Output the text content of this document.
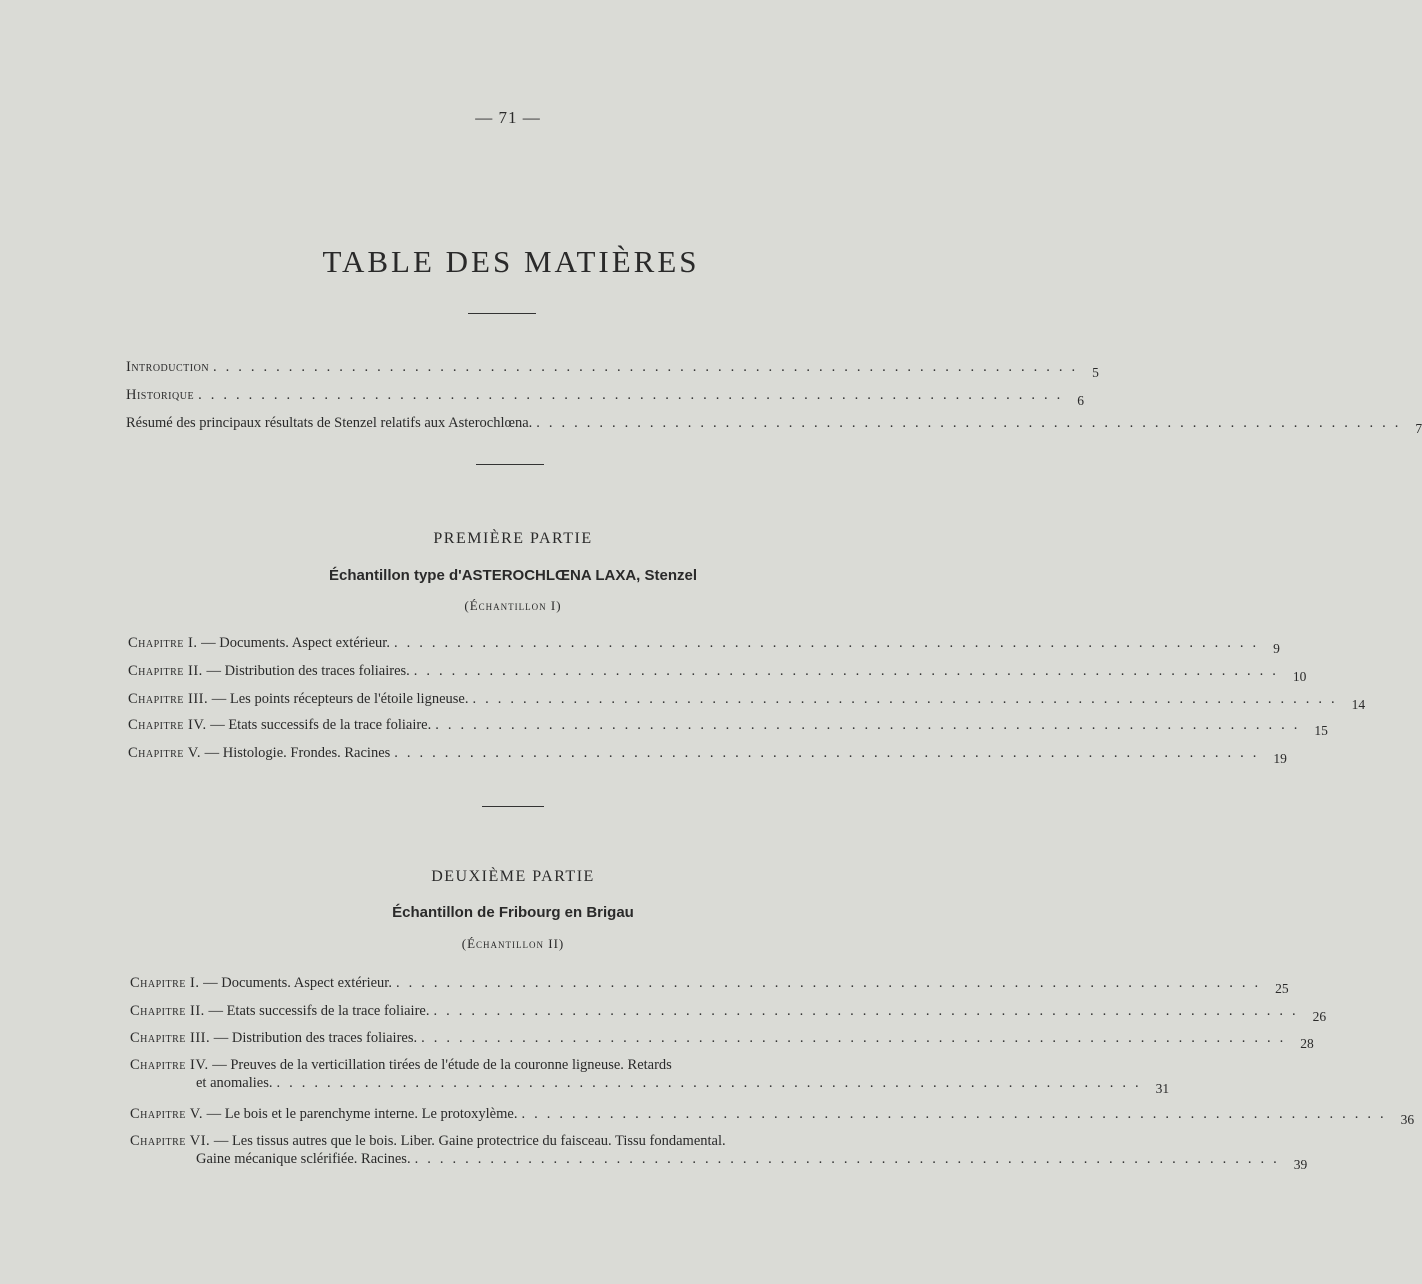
— 71 —
TABLE DES MATIÈRES
Introduction ..................................................................... 5
Historique ..................................................................... 6
Résumé des principaux résultats de Stenzel relatifs aux Asterochlœna. ..................................................................... 7
PREMIÈRE PARTIE
Échantillon type d'ASTEROCHLŒNA LAXA, Stenzel
(Échantillon I)
Chapitre I. — Documents. Aspect extérieur. ..................................................................... 9
Chapitre II. — Distribution des traces foliaires. ..................................................................... 10
Chapitre III. — Les points récepteurs de l'étoile ligneuse. ..................................................................... 14
Chapitre IV. — Etats successifs de la trace foliaire. ..................................................................... 15
Chapitre V. — Histologie. Frondes. Racines ..................................................................... 19
DEUXIÈME PARTIE
Échantillon de Fribourg en Brigau
(Échantillon II)
Chapitre I. — Documents. Aspect extérieur. ..................................................................... 25
Chapitre II. — Etats successifs de la trace foliaire. ..................................................................... 26
Chapitre III. — Distribution des traces foliaires. ..................................................................... 28
Chapitre IV. — Preuves de la verticillation tirées de l'étude de la couronne ligneuse. Retards
et anomalies. ..................................................................... 31
Chapitre V. — Le bois et le parenchyme interne. Le protoxylème. ..................................................................... 36
Chapitre VI. — Les tissus autres que le bois. Liber. Gaine protectrice du faisceau. Tissu fondamental.
Gaine mécanique sclérifiée. Racines. ..................................................................... 39
